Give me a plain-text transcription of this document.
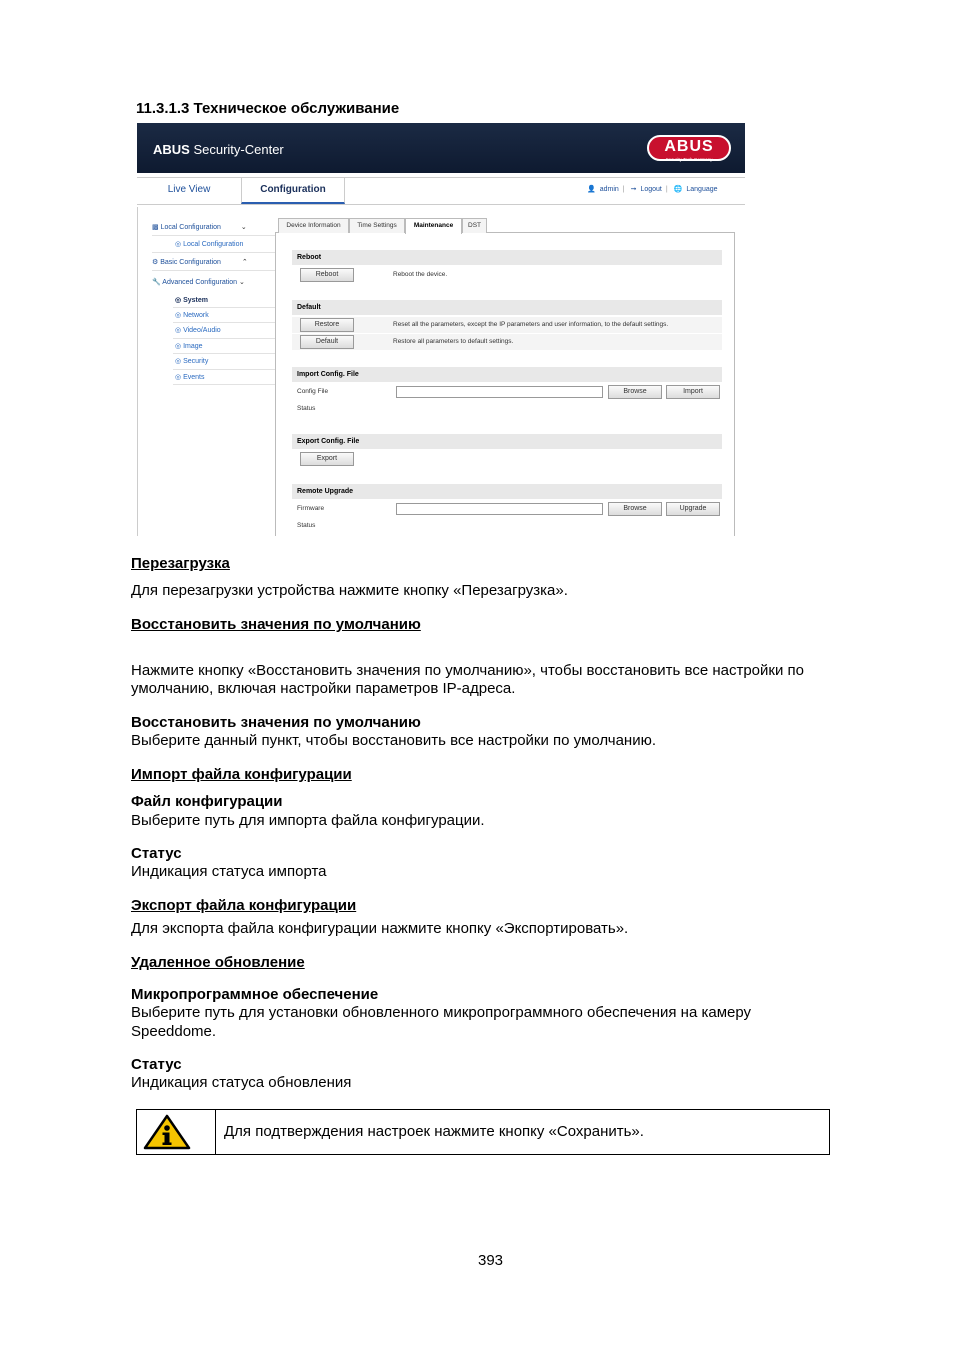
11.3.1.3 Техническое обслуживание
ABUS Security-Center	ABUS
Security Tech Germany
Live View	Configuration	👤 admin | ➞ Logout | 🌐 Language
▩ Local Configuration	⌄
◎ Local Configuration
⚙ Basic Configuration	⌃
🔧 Advanced Configuration ⌄
◎ System
◎ Network
◎ Video/Audio
◎ Image
◎ Security
◎ Events
Device Information	Time Settings	Maintenance	DST
Reboot
Reboot	Reboot the device.
Default
Restore	Reset all the parameters, except the IP parameters and user information, to the default settings.
Default	Restore all parameters to default settings.
Import Config. File
Config File	Browse	Import
Status
Export Config. File
Export
Remote Upgrade
Firmware	Browse	Upgrade
Status
Перезагрузка
Для перезагрузки устройства нажмите кнопку «Перезагрузка».
Восстановить значения по умолчанию
Нажмите кнопку «Восстановить значения по умолчанию», чтобы восстановить все настройки по
умолчанию, включая настройки параметров IP-адреса.
Восстановить значения по умолчанию
Выберите данный пункт, чтобы восстановить все настройки по умолчанию.
Импорт файла конфигурации
Файл конфигурации
Выберите путь для импорта файла конфигурации.
Статус
Индикация статуса импорта
Экспорт файла конфигурации
Для экспорта файла конфигурации нажмите кнопку «Экспортировать».
Удаленное обновление
Микропрограммное обеспечение
Выберите путь для установки обновленного микропрограммного обеспечения на камеру
Speeddome.
Статус
Индикация статуса обновления
Для подтверждения настроек нажмите кнопку «Сохранить».
393
